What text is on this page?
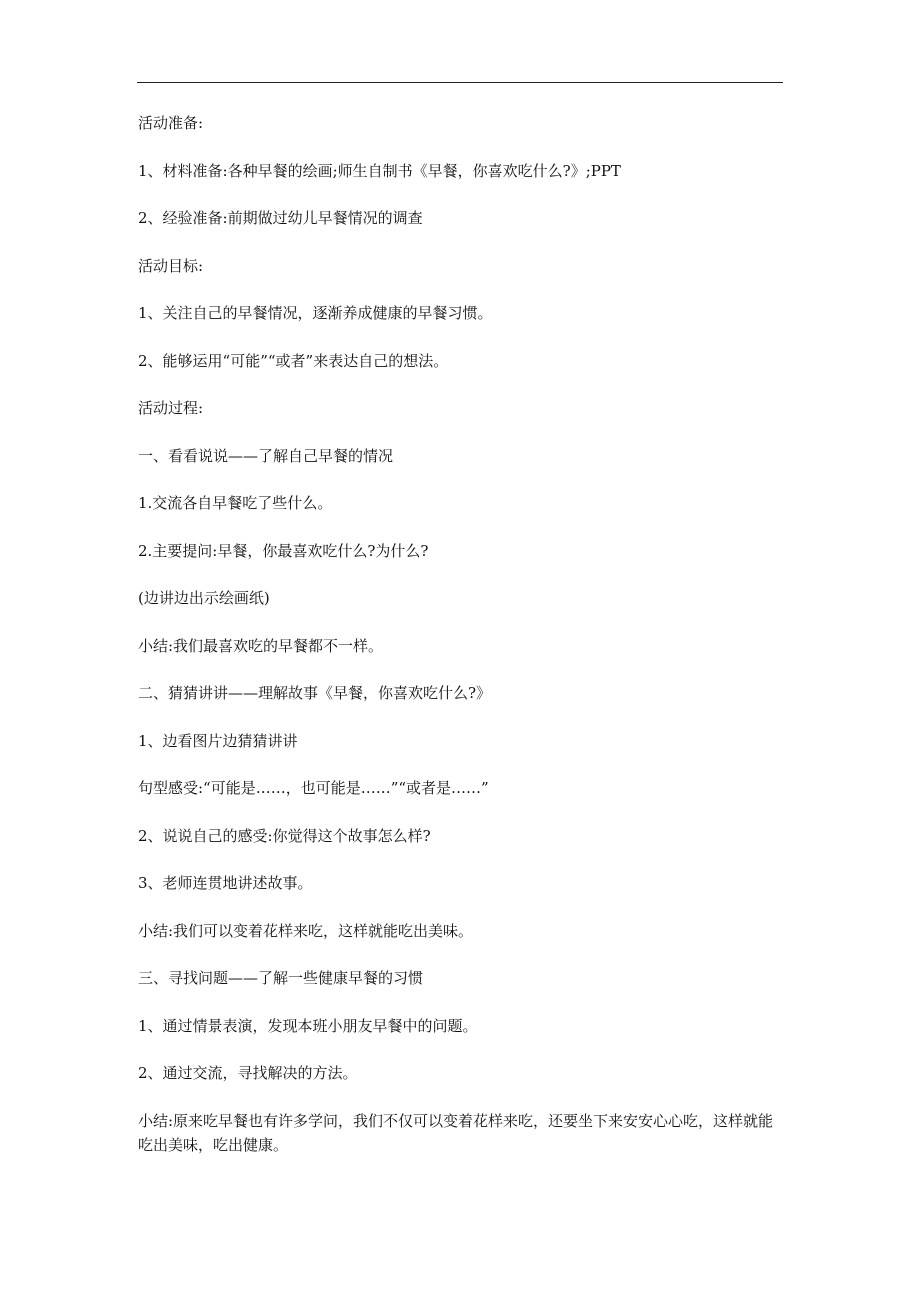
活动准备:

1、材料准备:各种早餐的绘画;师生自制书《早餐，你喜欢吃什么?》;PPT

2、经验准备:前期做过幼儿早餐情况的调查

活动目标:

1、关注自己的早餐情况，逐渐养成健康的早餐习惯。

2、能够运用“可能”“或者”来表达自己的想法。

活动过程:

一、看看说说——了解自己早餐的情况

1.交流各自早餐吃了些什么。

2.主要提问:早餐，你最喜欢吃什么?为什么?

(边讲边出示绘画纸)

小结:我们最喜欢吃的早餐都不一样。

二、猜猜讲讲——理解故事《早餐，你喜欢吃什么?》

1、边看图片边猜猜讲讲

句型感受:“可能是……，也可能是……”“或者是……”

2、说说自己的感受:你觉得这个故事怎么样?

3、老师连贯地讲述故事。

小结:我们可以变着花样来吃，这样就能吃出美味。

三、寻找问题——了解一些健康早餐的习惯

1、通过情景表演，发现本班小朋友早餐中的问题。

2、通过交流，寻找解决的方法。

小结:原来吃早餐也有许多学问，我们不仅可以变着花样来吃，还要坐下来安安心心吃，这样就能吃出美味，吃出健康。
